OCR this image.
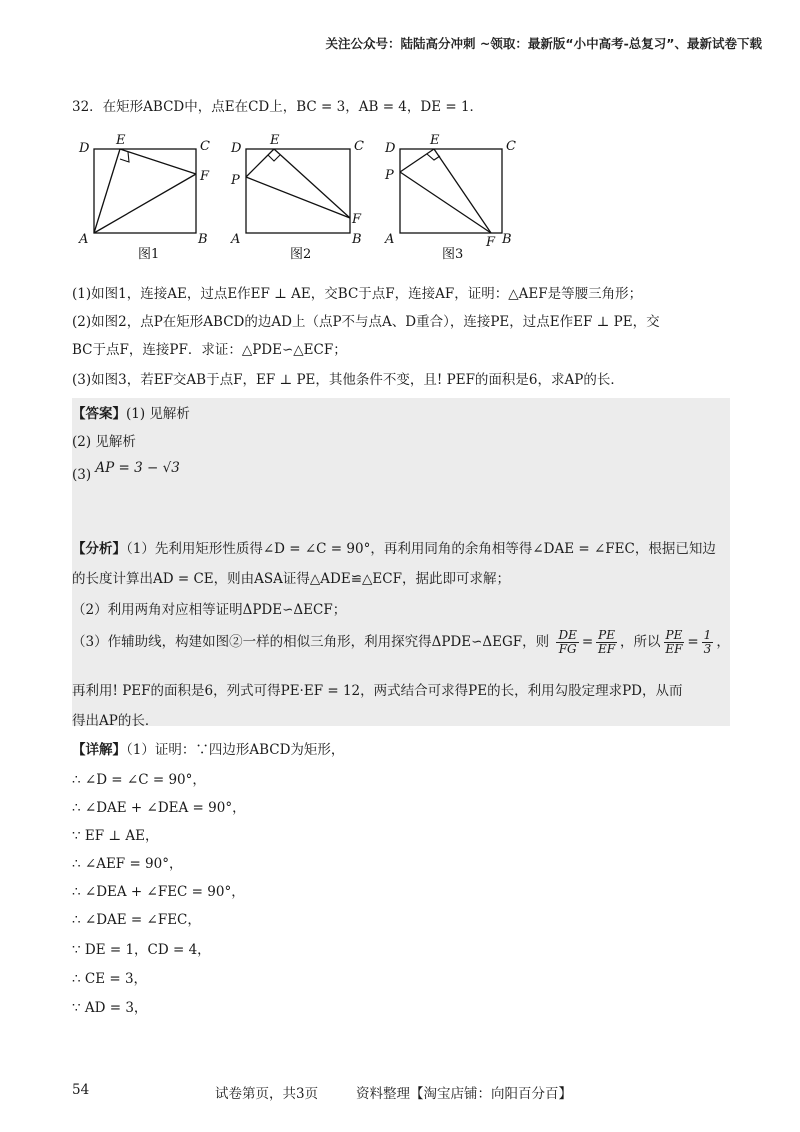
关注公众号：陆陆高分冲刺 ~领取：最新版“小中高考-总复习”、最新试卷下载
32．在矩形ABCD中，点E在CD上，BC = 3，AB = 4，DE = 1．
D
E	C
F
A	B
图1
D
E	C
P
F
A	B
图2
D
E	C
P
A	F B
图3
(1)如图1，连接AE，过点E作EF ⊥ AE，交BC于点F，连接AF，证明：△AEF是等腰三角形；
(2)如图2，点P在矩形ABCD的边AD上（点P不与点A、D重合），连接PE，过点E作EF ⊥ PE，交
BC于点F，连接PF．求证：△PDE∽△ECF；
(3)如图3，若EF交AB于点F，EF ⊥ PE，其他条件不变，且! PEF的面积是6，求AP的长．
【答案】(1) 见解析
(2) 见解析
(3) AP = 3 − √3
【分析】（1）先利用矩形性质得∠D = ∠C = 90°，再利用同角的余角相等得∠DAE = ∠FEC，根据已知边
的长度计算出AD = CE，则由ASA证得△ADE≌△ECF，据此即可求解；
（2）利用两角对应相等证明ΔPDE∽ΔECF；
（3）作辅助线，构建如图②一样的相似三角形，利用探究得ΔPDE∽ΔEGF，则 $\frac{DE}{FG} = \frac{PE}{EF}$ ，所以 $\frac{PE}{EF} = \frac{1}{3}$ ，
再利用! PEF的面积是6，列式可得PE·EF = 12，两式结合可求得PE的长，利用勾股定理求PD，从而
得出AP的长．
【详解】（1）证明：∵四边形ABCD为矩形，
∴ ∠D = ∠C = 90°，
∴ ∠DAE + ∠DEA = 90°，
∵ EF ⊥ AE，
∴ ∠AEF = 90°，
∴ ∠DEA + ∠FEC = 90°，
∴ ∠DAE = ∠FEC，
∵ DE = 1，CD = 4，
∴ CE = 3，
∵ AD = 3，
54	试卷第页，共3页	资料整理【淘宝店铺：向阳百分百】
